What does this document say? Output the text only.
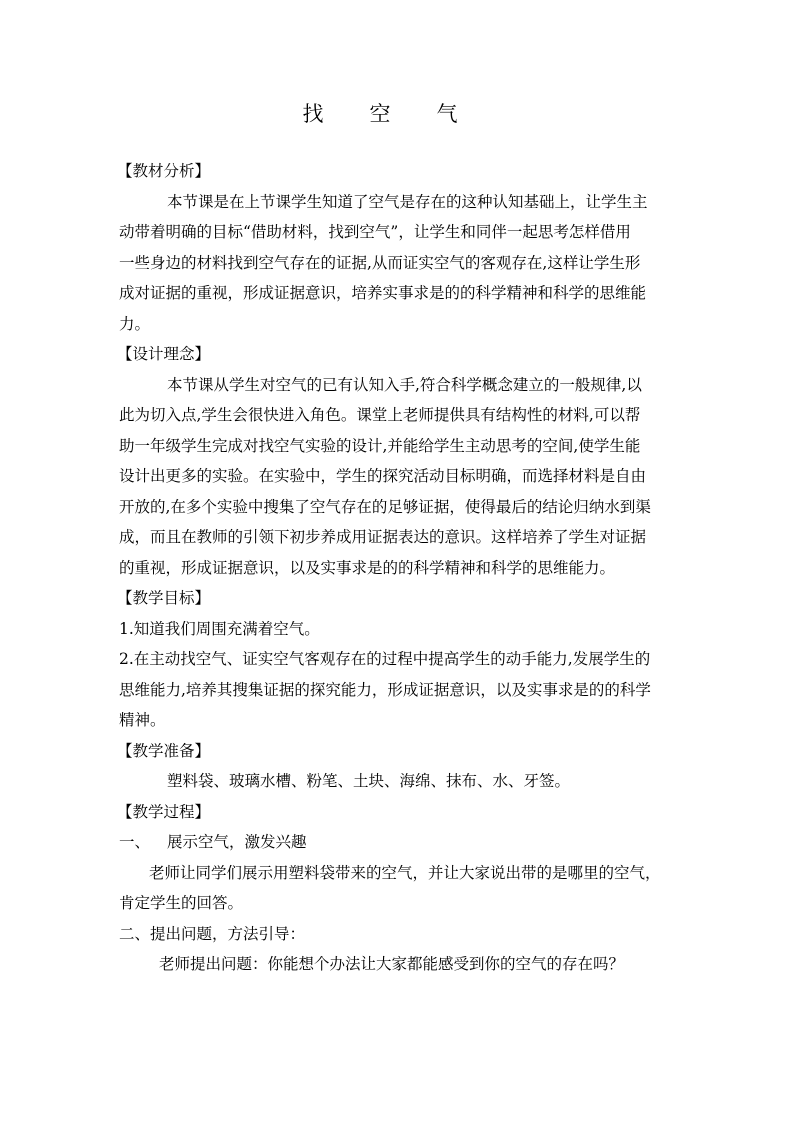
找 空 气
【教材分析】
本节课是在上节课学生知道了空气是存在的这种认知基础上，让学生主
动带着明确的目标“借助材料，找到空气”，让学生和同伴一起思考怎样借用
一些身边的材料找到空气存在的证据,从而证实空气的客观存在,这样让学生形
成对证据的重视，形成证据意识，培养实事求是的的科学精神和科学的思维能
力。
【设计理念】
本节课从学生对空气的已有认知入手,符合科学概念建立的一般规律,以
此为切入点,学生会很快进入角色。课堂上老师提供具有结构性的材料,可以帮
助一年级学生完成对找空气实验的设计,并能给学生主动思考的空间,使学生能
设计出更多的实验。在实验中，学生的探究活动目标明确，而选择材料是自由
开放的,在多个实验中搜集了空气存在的足够证据，使得最后的结论归纳水到渠
成，而且在教师的引领下初步养成用证据表达的意识。这样培养了学生对证据
的重视，形成证据意识，以及实事求是的的科学精神和科学的思维能力。
【教学目标】
1.知道我们周围充满着空气。
2.在主动找空气、证实空气客观存在的过程中提高学生的动手能力,发展学生的
思维能力,培养其搜集证据的探究能力，形成证据意识，以及实事求是的的科学
精神。
【教学准备】
塑料袋、玻璃水槽、粉笔、土块、海绵、抹布、水、牙签。
【教学过程】
一、 展示空气，激发兴趣
老师让同学们展示用塑料袋带来的空气，并让大家说出带的是哪里的空气，
肯定学生的回答。
二、提出问题，方法引导：
老师提出问题：你能想个办法让大家都能感受到你的空气的存在吗？
